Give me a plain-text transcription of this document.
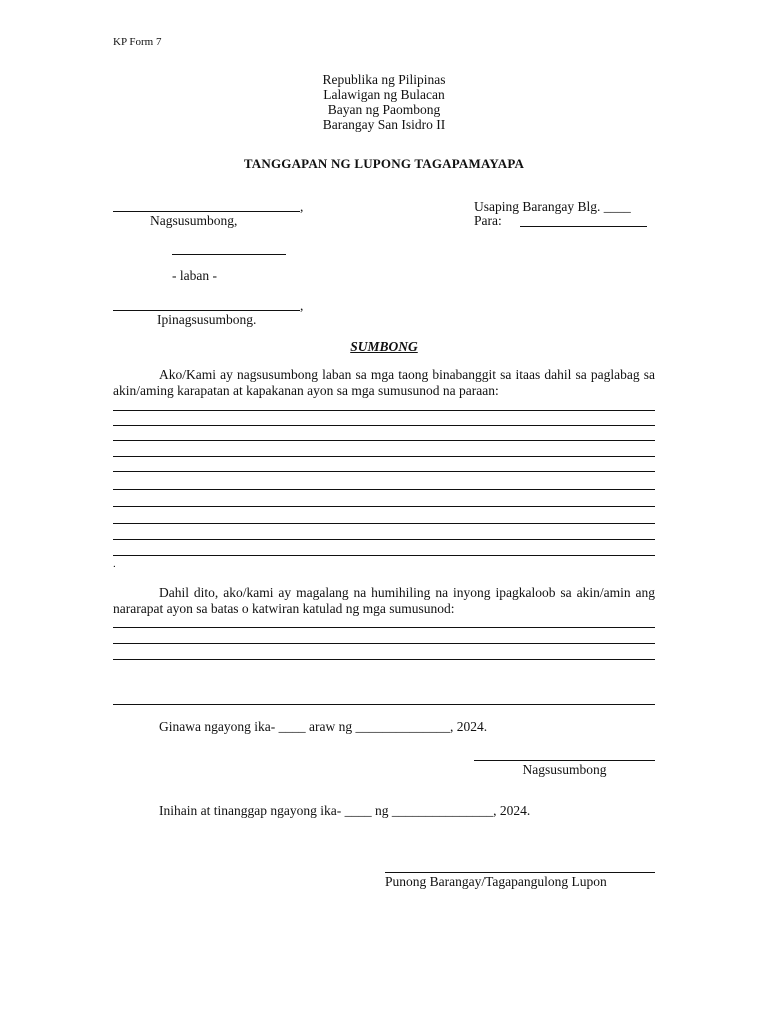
KP Form 7
Republika ng Pilipinas
Lalawigan ng Bulacan
Bayan ng Paombong
Barangay San Isidro II
TANGGAPAN NG LUPONG TAGAPAMAYAPA
,
Nagsusumbong,
Usaping Barangay Blg. ____
Para:
- laban -
,
Ipinagsusumbong.
SUMBONG
Ako/Kami ay nagsusumbong laban sa mga taong binabanggit sa itaas dahil sa paglabag sa akin/aming karapatan at kapakanan ayon sa mga sumusunod na paraan:
.
Dahil dito, ako/kami ay magalang na humihiling na inyong ipagkaloob sa akin/amin ang nararapat ayon sa batas o katwiran katulad ng mga sumusunod:
Ginawa ngayong ika- ____ araw ng ______________, 2024.
Nagsusumbong
Inihain at tinanggap ngayong ika- ____ ng _______________, 2024.
Punong Barangay/Tagapangulong Lupon
